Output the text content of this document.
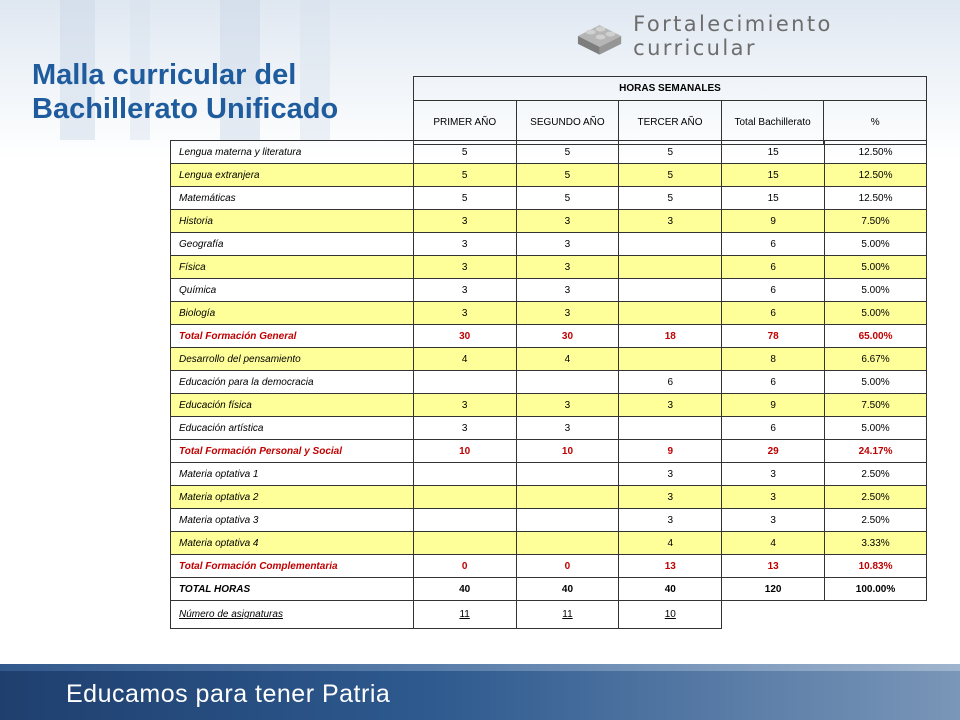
Fortalecimiento curricular
Malla curricular del
Bachillerato Unificado
HORAS SEMANALES
PRIMER AÑO	SEGUNDO AÑO	TERCER AÑO	Total Bachillerato	%
Lengua materna y literatura	5	5	5	15	12.50%
Lengua extranjera	5	5	5	15	12.50%
Matemáticas	5	5	5	15	12.50%
Historia	3	3	3	9	7.50%
Geografía	3	3		6	5.00%
Física	3	3		6	5.00%
Química	3	3		6	5.00%
Biología	3	3		6	5.00%
Total Formación General	30	30	18	78	65.00%
Desarrollo del pensamiento	4	4		8	6.67%
Educación para la democracia			6	6	5.00%
Educación física	3	3	3	9	7.50%
Educación artística	3	3		6	5.00%
Total Formación Personal y Social	10	10	9	29	24.17%
Materia optativa 1			3	3	2.50%
Materia optativa 2			3	3	2.50%
Materia optativa 3			3	3	2.50%
Materia optativa 4			4	4	3.33%
Total Formación Complementaria	0	0	13	13	10.83%
TOTAL HORAS	40	40	40	120	100.00%
Número de asignaturas	11	11	10		
Educamos para tener Patria
